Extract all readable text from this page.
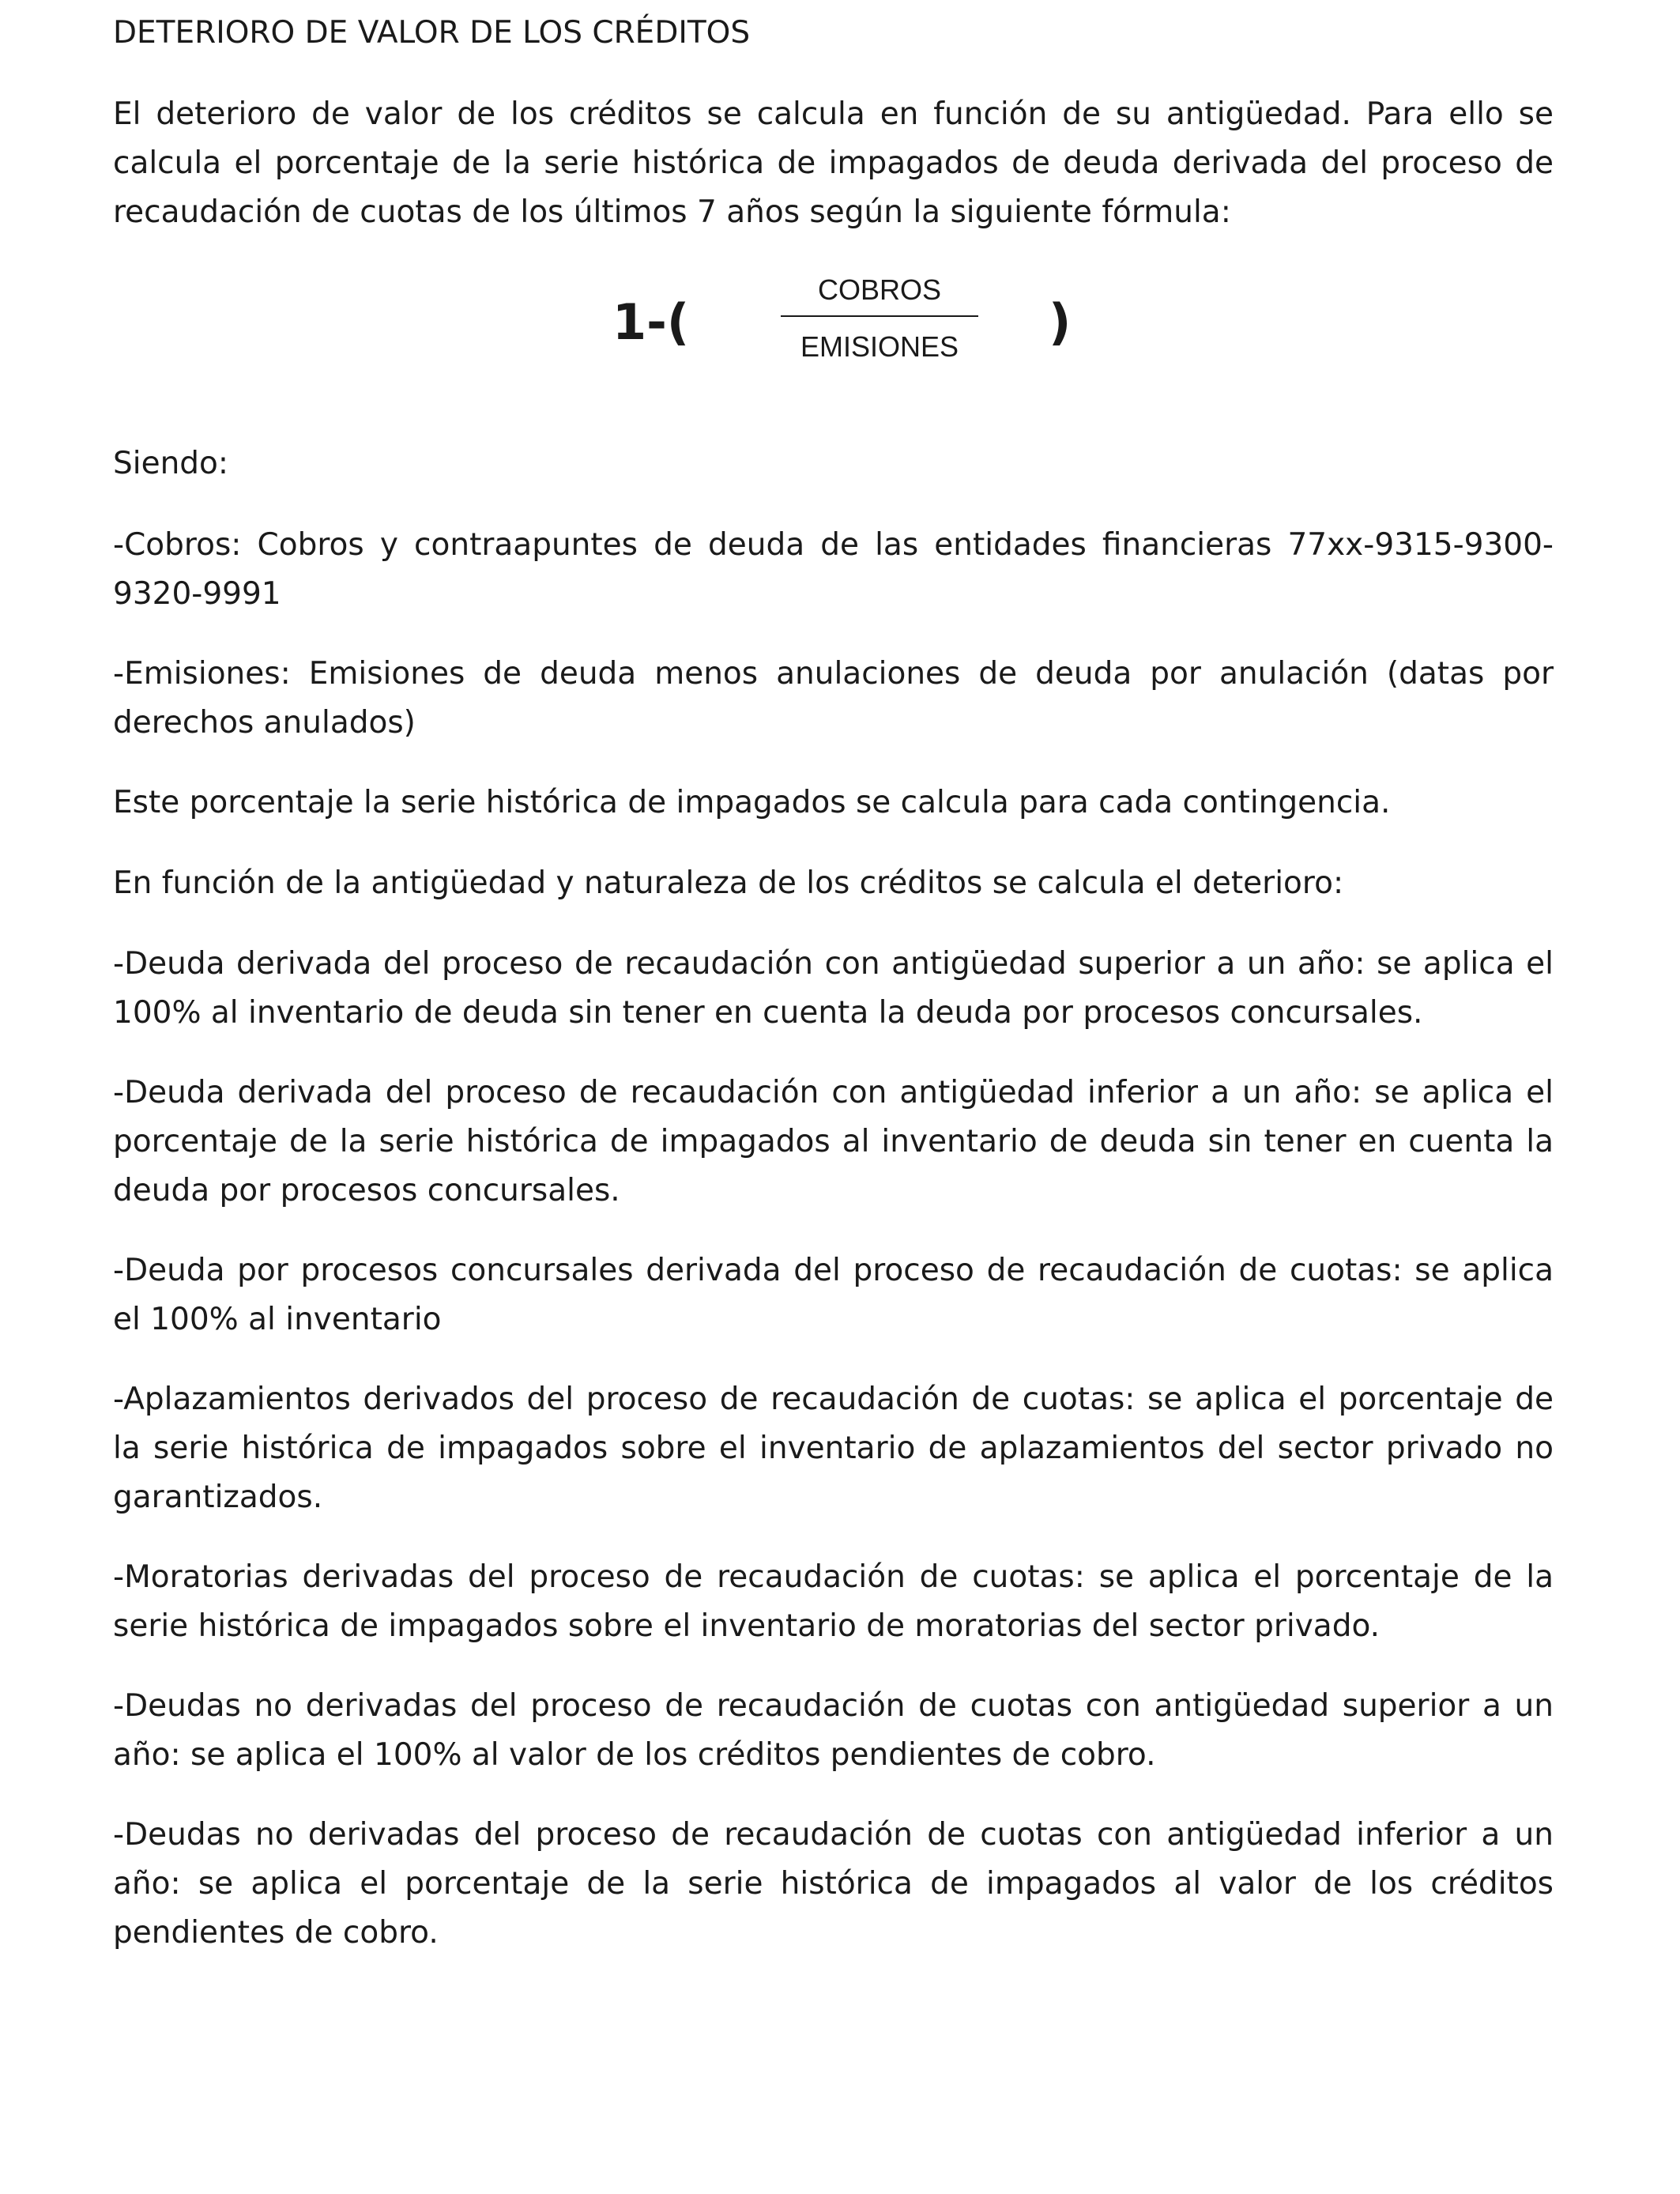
DETERIORO DE VALOR DE LOS CRÉDITOS

El deterioro de valor de los créditos se calcula en función de su antigüedad. Para ello se calcula el porcentaje de la serie histórica de impagados de deuda derivada del proceso de recaudación de cuotas de los últimos 7 años según la siguiente fórmula:

1-(
COBROS
EMISIONES	)

Siendo:

-Cobros: Cobros y contraapuntes de deuda de las entidades financieras 77xx-9315-9300-9320-9991

-Emisiones: Emisiones de deuda menos anulaciones de deuda por anulación (datas por derechos anulados)

Este porcentaje la serie histórica de impagados se calcula para cada contingencia.

En función de la antigüedad y naturaleza de los créditos se calcula el deterioro:

-Deuda derivada del proceso de recaudación con antigüedad superior a un año: se aplica el 100% al inventario de deuda sin tener en cuenta la deuda por procesos concursales.

-Deuda derivada del proceso de recaudación con antigüedad inferior a un año: se aplica el porcentaje de la serie histórica de impagados al inventario de deuda sin tener en cuenta la deuda por procesos concursales.

-Deuda por procesos concursales derivada del proceso de recaudación de cuotas: se aplica el 100% al inventario

-Aplazamientos derivados del proceso de recaudación de cuotas: se aplica el porcentaje de la serie histórica de impagados sobre el inventario de aplazamientos del sector privado no garantizados.

-Moratorias derivadas del proceso de recaudación de cuotas: se aplica el porcentaje de la serie histórica de impagados sobre el inventario de moratorias del sector privado.

-Deudas no derivadas del proceso de recaudación de cuotas con antigüedad superior a un año: se aplica el 100% al valor de los créditos pendientes de cobro.

-Deudas no derivadas del proceso de recaudación de cuotas con antigüedad inferior a un año: se aplica el porcentaje de la serie histórica de impagados al valor de los créditos pendientes de cobro.
